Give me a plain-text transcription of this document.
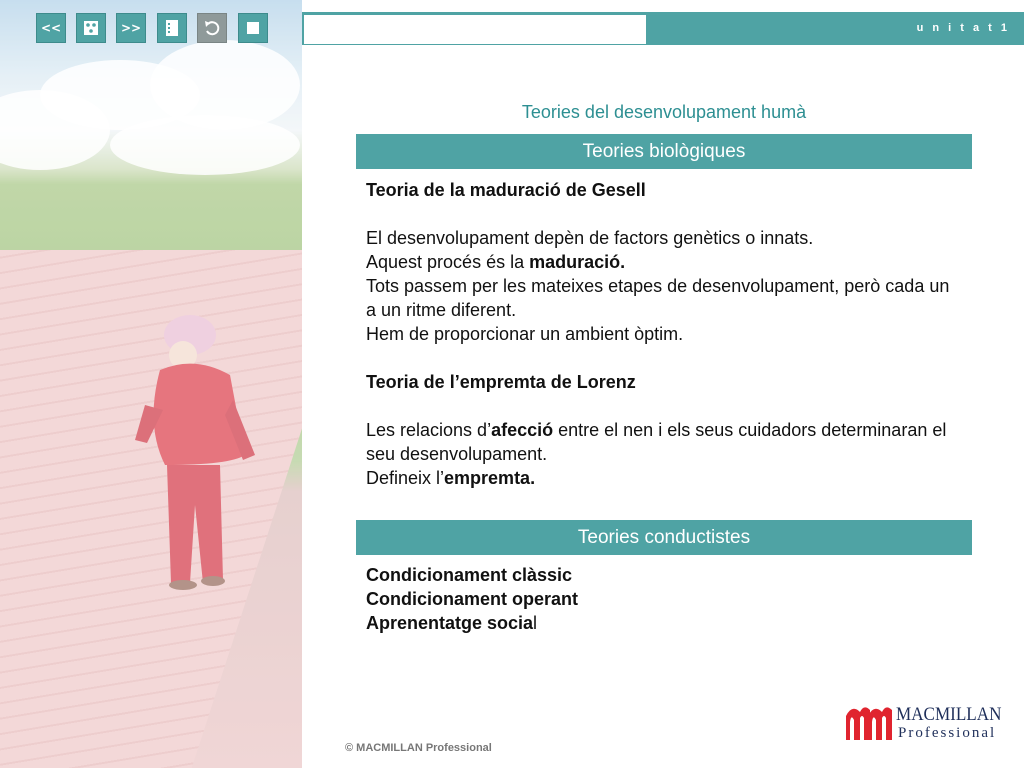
<<	>>	u n i t a t 1
Teories del desenvolupament humà
Teories biològiques

Teoria de la maduració de Gesell

El desenvolupament depèn de factors genètics o innats.

Aquest procés és la maduració.

Tots passem per les mateixes etapes de desenvolupament, però cada un a un ritme diferent.

Hem de proporcionar un ambient òptim.

Teoria de l’empremta de Lorenz

Les relacions d’afecció entre el nen i els seus cuidadors determinaran el seu desenvolupament.

Defineix l’empremta.

Teories conductistes

Condicionament clàssic

Condicionament operant

Aprenentatge social

© MACMILLAN Professional
MACMILLAN
Professional
